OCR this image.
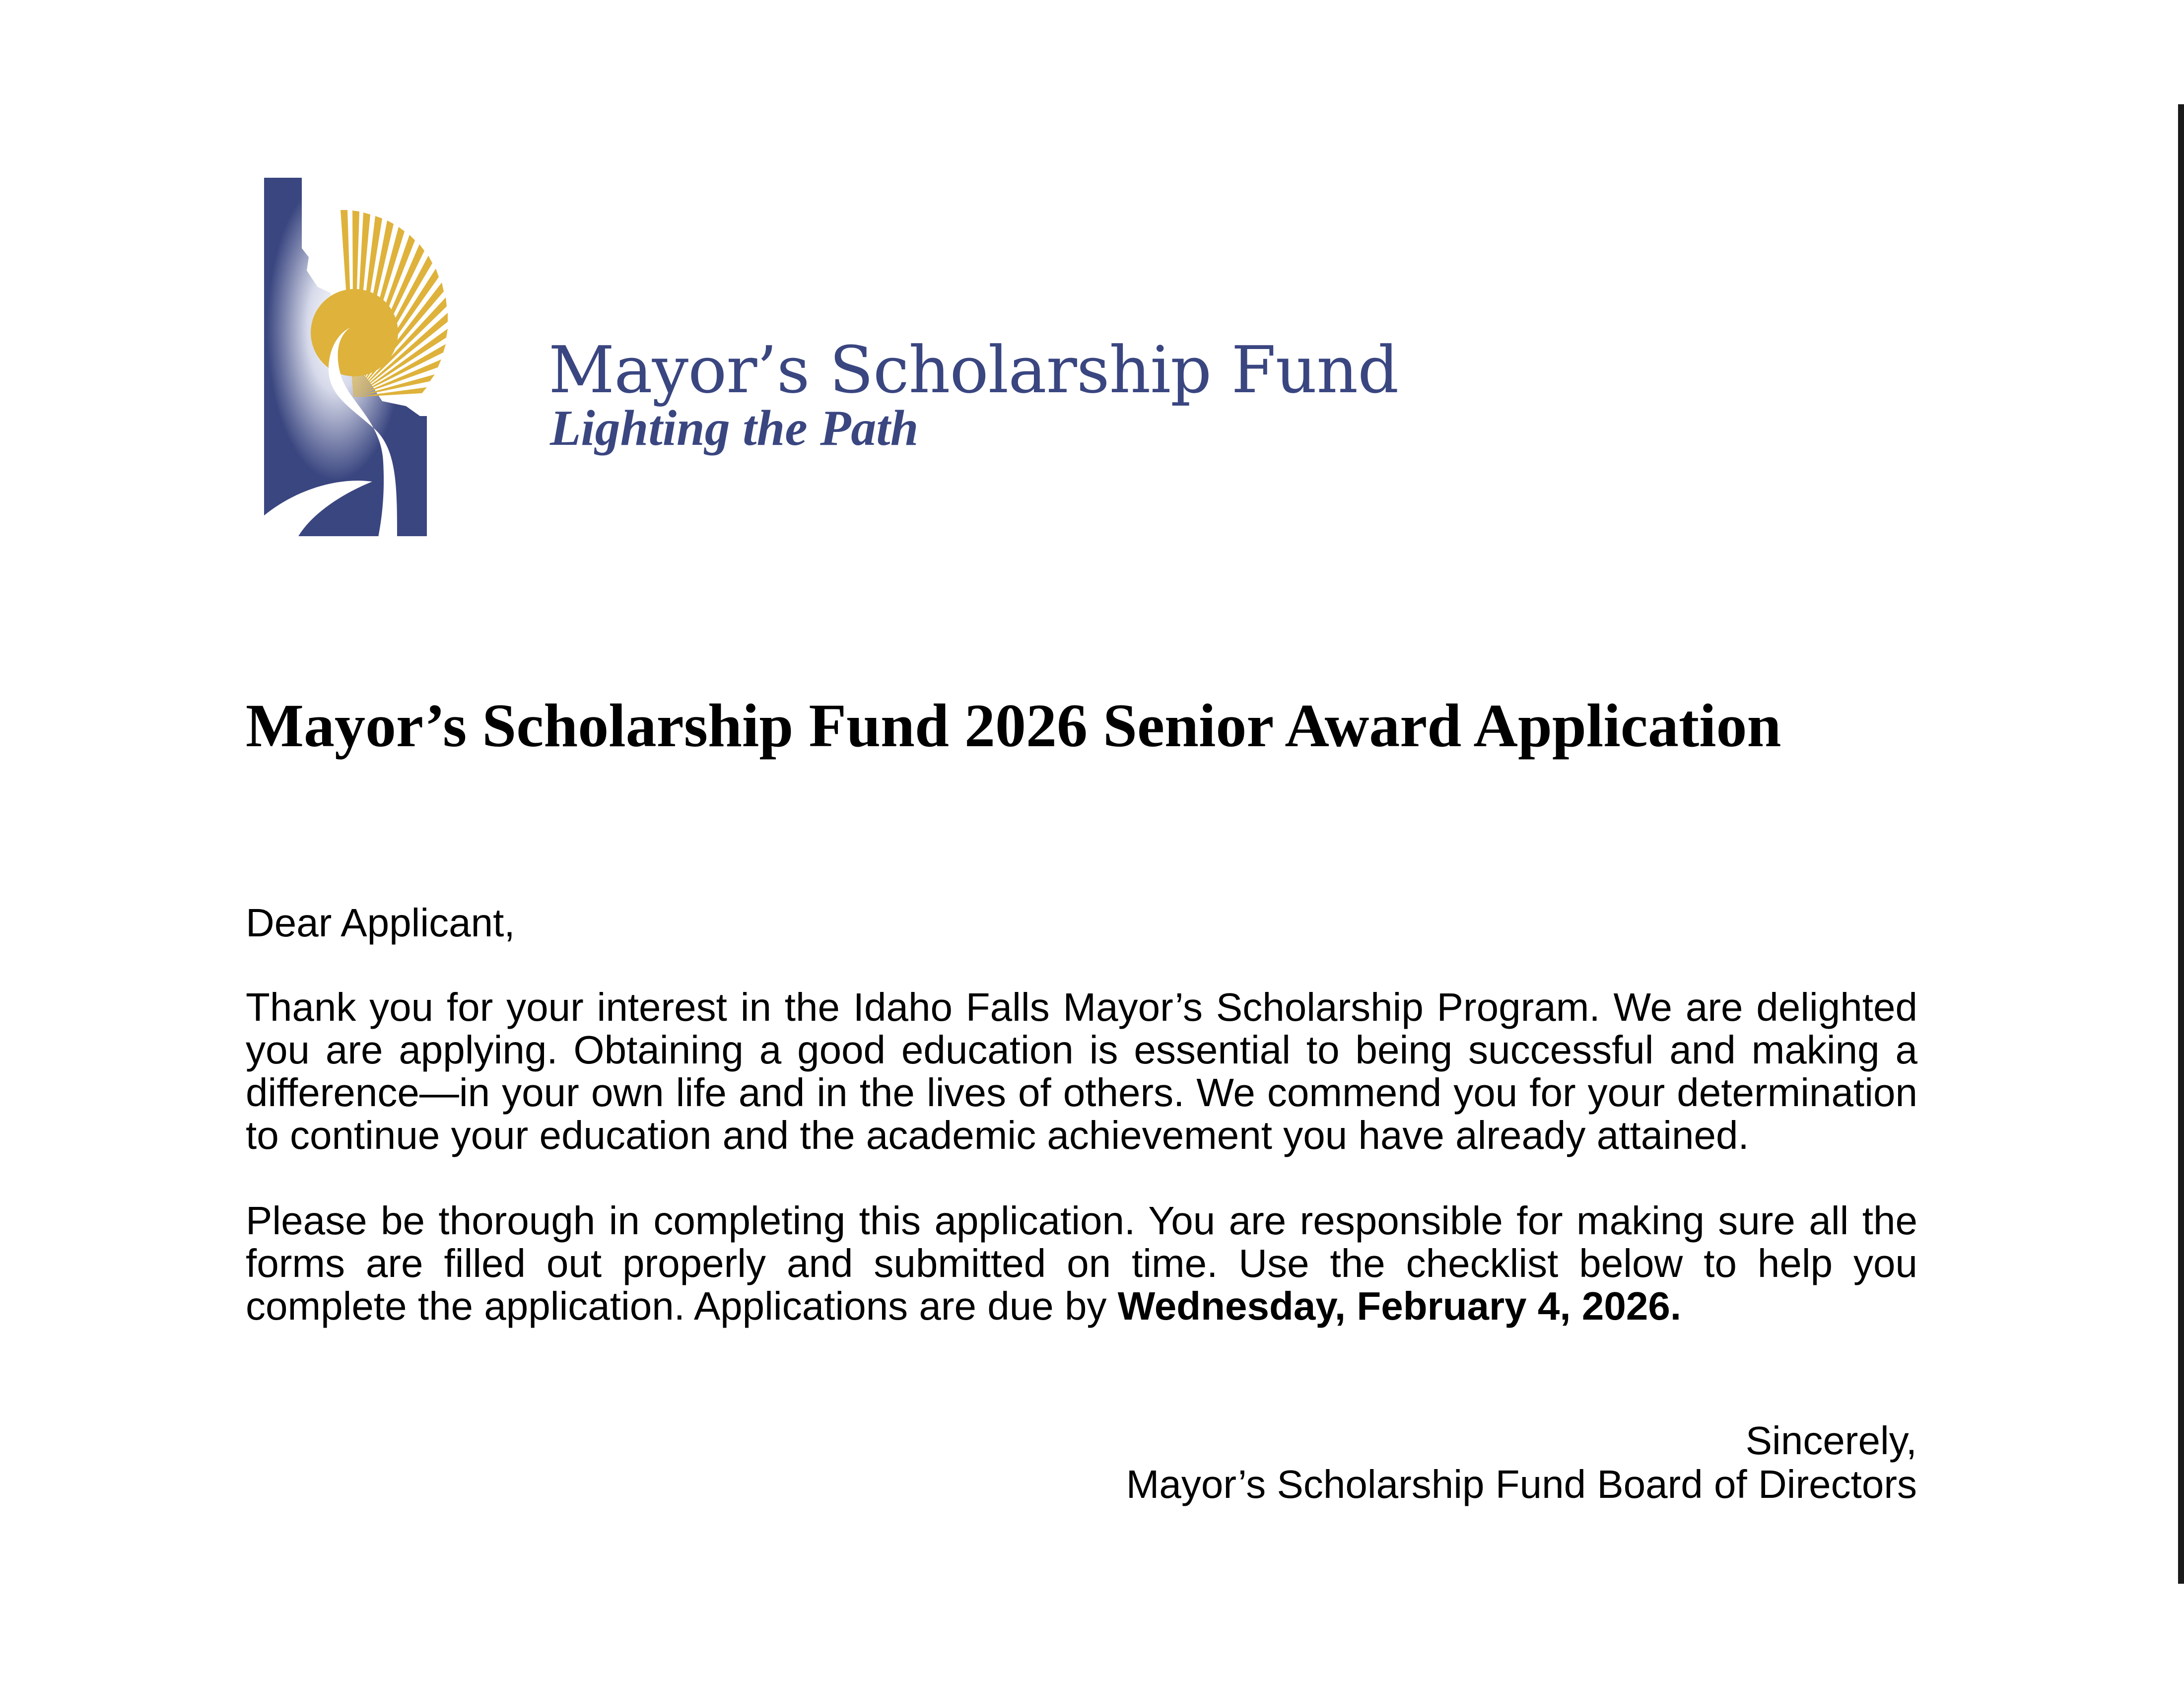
Mayor’s Scholarship Fund
Lighting the Path
Mayor’s Scholarship Fund 2026 Senior Award Application

Dear Applicant,

Thank you for your interest in the Idaho Falls Mayor’s Scholarship Program. We are delighted you are applying. Obtaining a good education is essential to being successful and making a difference—in your own life and in the lives of others. We commend you for your determination to continue your education and the academic achievement you have already attained.

Please be thorough in completing this application. You are responsible for making sure all the forms are filled out properly and submitted on time. Use the checklist below to help you complete the application. Applications are due by Wednesday, February 4, 2026.

Sincerely,
Mayor’s Scholarship Fund Board of Directors
